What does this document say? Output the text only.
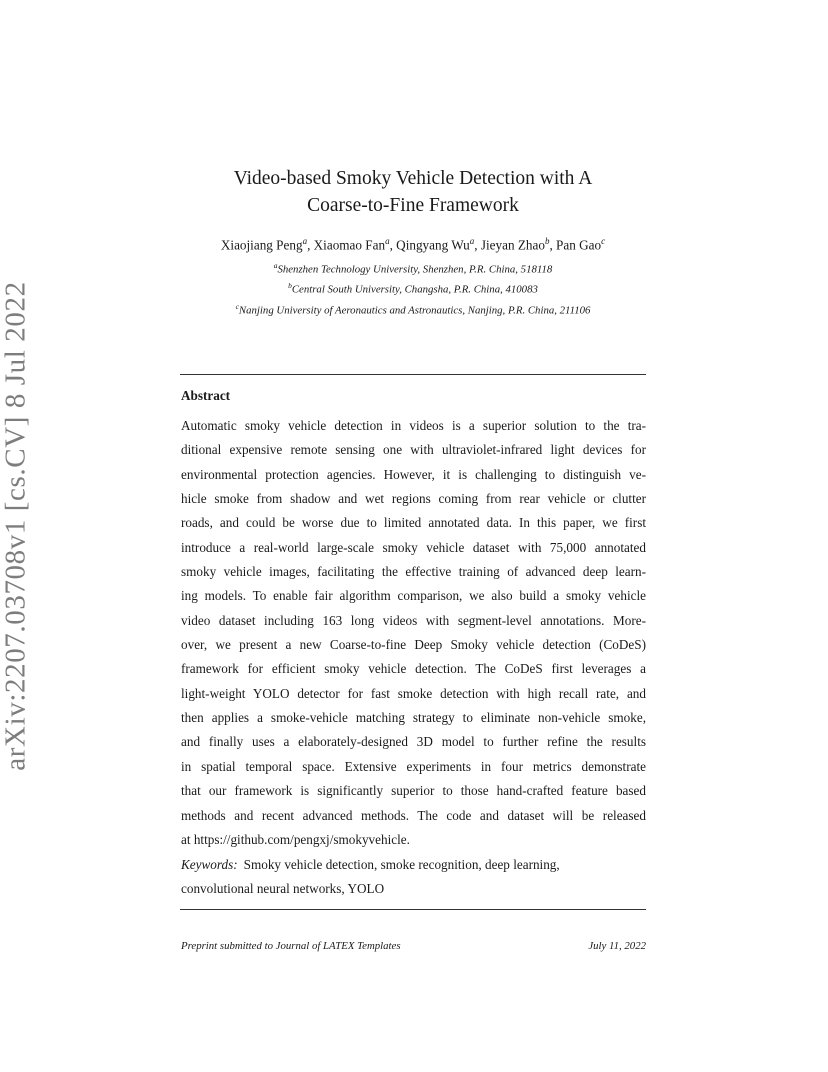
arXiv:2207.03708v1 [cs.CV] 8 Jul 2022
Video-based Smoky Vehicle Detection with A
Coarse-to-Fine Framework
Xiaojiang Peng$^a$, Xiaomao Fan$^a$, Qingyang Wu$^a$, Jieyan Zhao$^b$, Pan Gao$^c$
$^a$Shenzhen Technology University, Shenzhen, P.R. China, 518118
$^b$Central South University, Changsha, P.R. China, 410083
$^c$Nanjing University of Aeronautics and Astronautics, Nanjing, P.R. China, 211106
Abstract
Automatic smoky vehicle detection in videos is a superior solution to the tra-
ditional expensive remote sensing one with ultraviolet-infrared light devices for
environmental protection agencies. However, it is challenging to distinguish ve-
hicle smoke from shadow and wet regions coming from rear vehicle or clutter
roads, and could be worse due to limited annotated data. In this paper, we first
introduce a real-world large-scale smoky vehicle dataset with 75,000 annotated
smoky vehicle images, facilitating the effective training of advanced deep learn-
ing models. To enable fair algorithm comparison, we also build a smoky vehicle
video dataset including 163 long videos with segment-level annotations. More-
over, we present a new Coarse-to-fine Deep Smoky vehicle detection (CoDeS)
framework for efficient smoky vehicle detection. The CoDeS first leverages a
light-weight YOLO detector for fast smoke detection with high recall rate, and
then applies a smoke-vehicle matching strategy to eliminate non-vehicle smoke,
and finally uses a elaborately-designed 3D model to further refine the results
in spatial temporal space. Extensive experiments in four metrics demonstrate
that our framework is significantly superior to those hand-crafted feature based
methods and recent advanced methods. The code and dataset will be released
at https://github.com/pengxj/smokyvehicle.
Keywords: Smoky vehicle detection, smoke recognition, deep learning,
convolutional neural networks, YOLO
Preprint submitted to Journal of LATEX Templates	July 11, 2022
